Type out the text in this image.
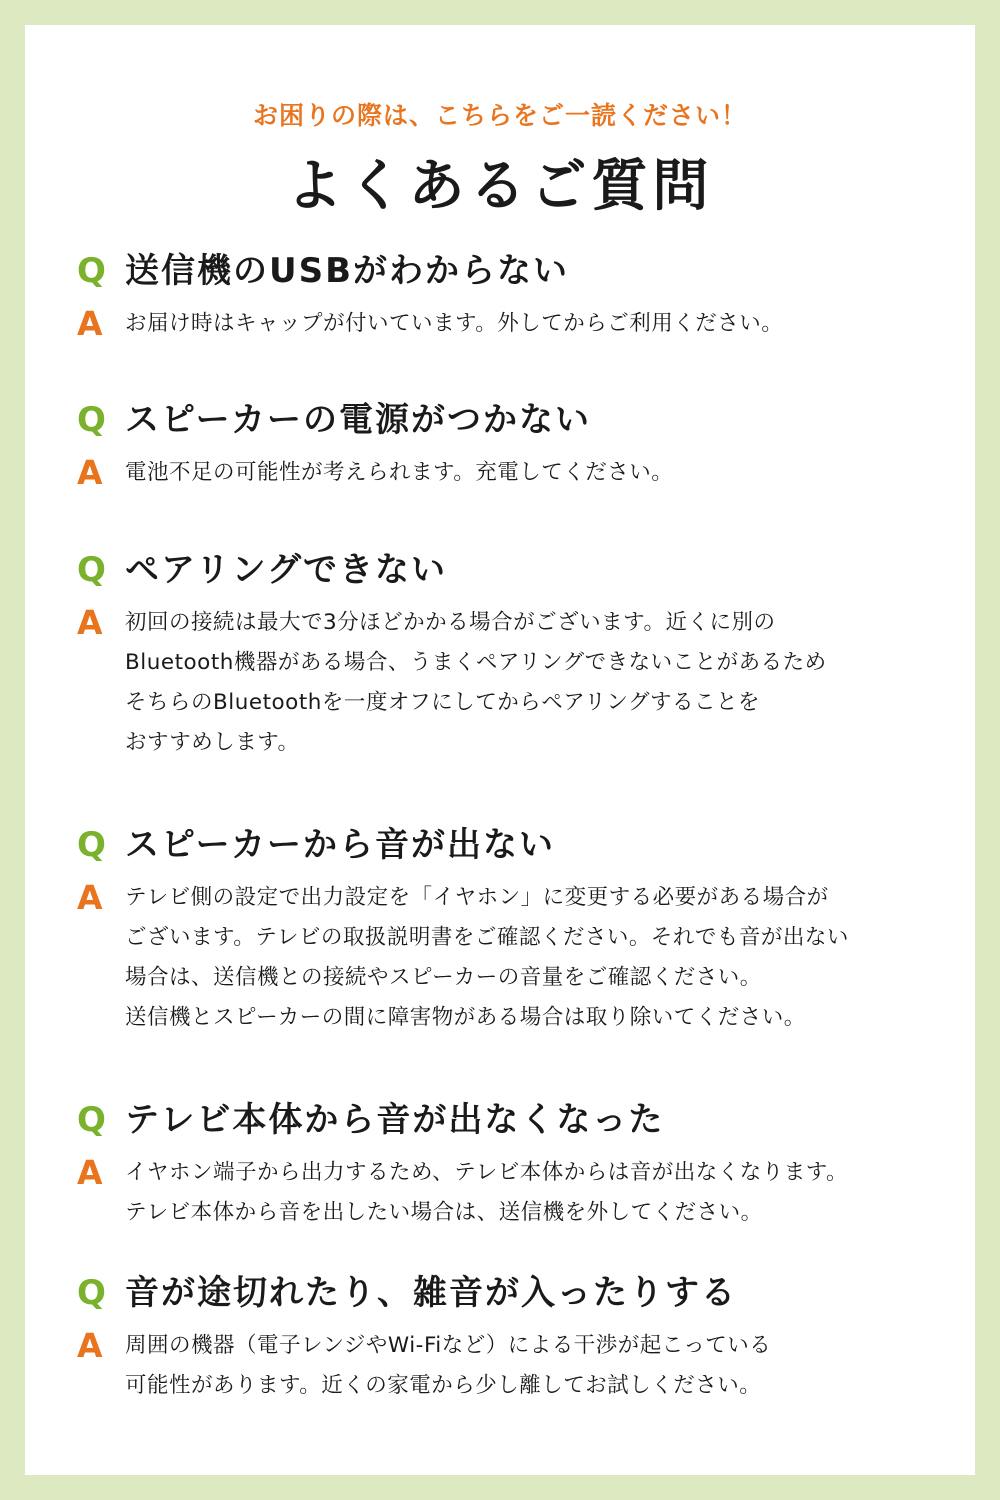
お困りの際は、こちらをご一読ください！
よくあるご質問
Q 送信機のUSBがわからない
A お届け時はキャップが付いています。外してからご利用ください。
Q スピーカーの電源がつかない
A 電池不足の可能性が考えられます。充電してください。
Q ペアリングできない
A 初回の接続は最大で3分ほどかかる場合がございます。近くに別の
Bluetooth機器がある場合、うまくペアリングできないことがあるため
そちらのBluetoothを一度オフにしてからペアリングすることを
おすすめします。
Q スピーカーから音が出ない
A テレビ側の設定で出力設定を「イヤホン」に変更する必要がある場合が
ございます。テレビの取扱説明書をご確認ください。それでも音が出ない
場合は、送信機との接続やスピーカーの音量をご確認ください。
送信機とスピーカーの間に障害物がある場合は取り除いてください。
Q テレビ本体から音が出なくなった
A イヤホン端子から出力するため、テレビ本体からは音が出なくなります。
テレビ本体から音を出したい場合は、送信機を外してください。
Q 音が途切れたり、雑音が入ったりする
A 周囲の機器（電子レンジやWi-Fiなど）による干渉が起こっている
可能性があります。近くの家電から少し離してお試しください。
